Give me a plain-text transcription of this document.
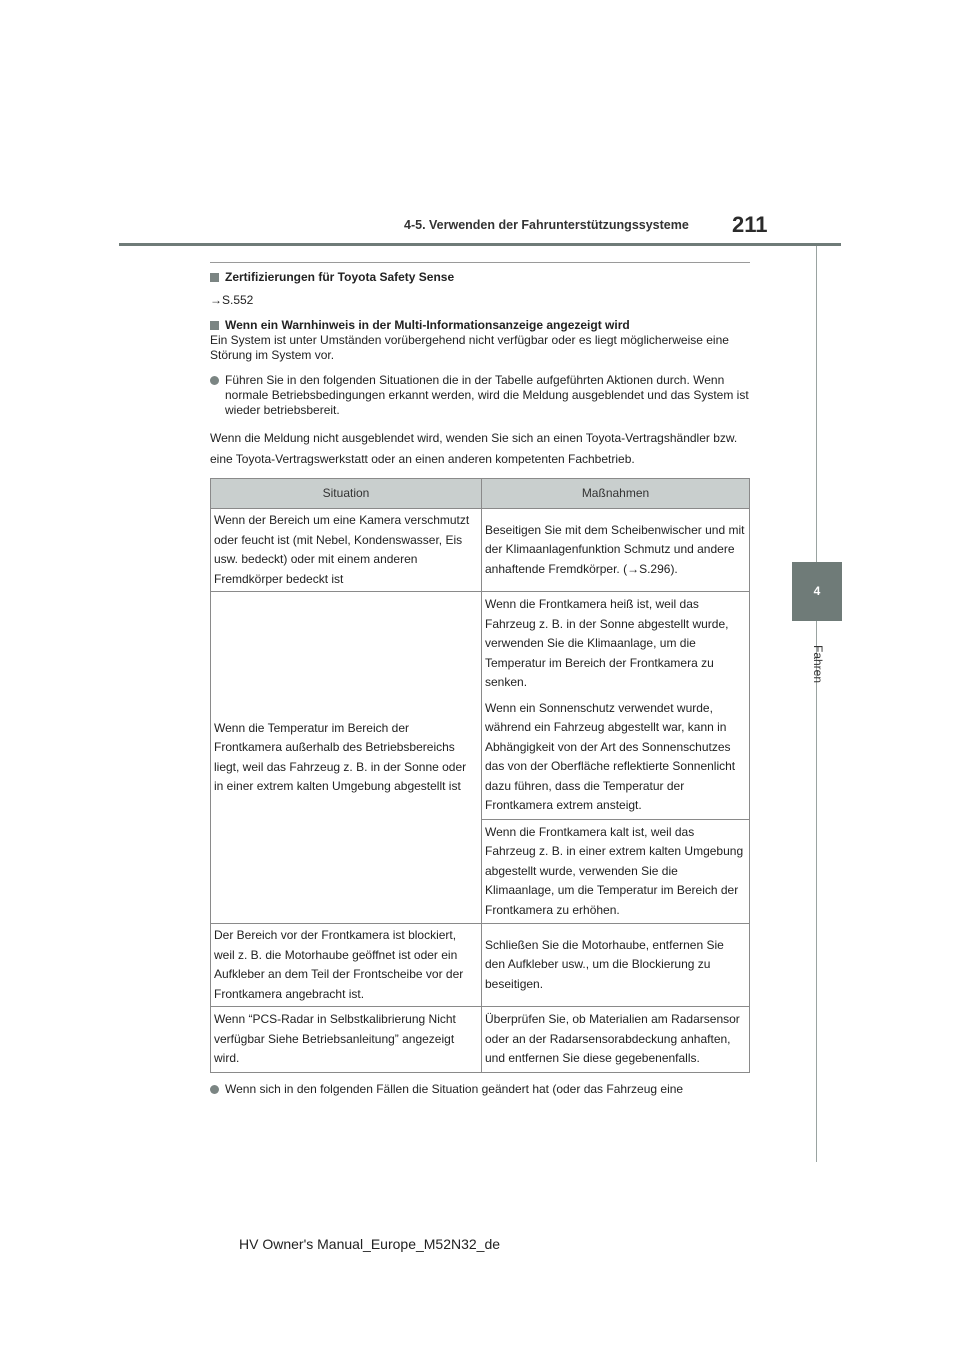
4-5. Verwenden der Fahrunterstützungssysteme	211
4
Fahren
Zertifizierungen für Toyota Safety Sense
→S.552
Wenn ein Warnhinweis in der Multi-Informationsanzeige angezeigt wird

Ein System ist unter Umständen vorübergehend nicht verfügbar oder es liegt möglicherweise eine Störung im System vor.

Führen Sie in den folgenden Situationen die in der Tabelle aufgeführten Aktionen durch. Wenn normale Betriebsbedingungen erkannt werden, wird die Meldung ausgeblendet und das System ist wieder betriebsbereit.

Wenn die Meldung nicht ausgeblendet wird, wenden Sie sich an einen Toyota-Vertragshändler bzw. eine Toyota-Vertragswerkstatt oder an einen anderen kompetenten Fachbetrieb.

Situation	Maßnahmen
Wenn der Bereich um eine Kamera verschmutzt oder feucht ist (mit Nebel, Kondenswasser, Eis usw. bedeckt) oder mit einem anderen Fremdkörper bedeckt ist	Beseitigen Sie mit dem Scheibenwischer und mit der Klimaanlagenfunktion Schmutz und andere anhaftende Fremdkörper. (→S.296).
Wenn die Temperatur im Bereich der Frontkamera außerhalb des Betriebsbereichs liegt, weil das Fahrzeug z. B. in der Sonne oder in einer extrem kalten Umgebung abgestellt ist	Wenn die Frontkamera heiß ist, weil das Fahrzeug z. B. in der Sonne abgestellt wurde, verwenden Sie die Klimaanlage, um die Temperatur im Bereich der Frontkamera zu senken.

Wenn ein Sonnenschutz verwendet wurde, während ein Fahrzeug abgestellt war, kann in Abhängigkeit von der Art des Sonnenschutzes das von der Oberfläche reflektierte Sonnenlicht dazu führen, dass die Temperatur der Frontkamera extrem ansteigt.

	Wenn die Frontkamera kalt ist, weil das Fahrzeug z. B. in einer extrem kalten Umgebung abgestellt wurde, verwenden Sie die Klimaanlage, um die Temperatur im Bereich der Frontkamera zu erhöhen.
Der Bereich vor der Frontkamera ist blockiert, weil z. B. die Motorhaube geöffnet ist oder ein Aufkleber an dem Teil der Frontscheibe vor der Frontkamera angebracht ist.	Schließen Sie die Motorhaube, entfernen Sie den Aufkleber usw., um die Blockierung zu beseitigen.
Wenn “PCS-Radar in Selbstkalibrierung Nicht verfügbar Siehe Betriebsanleitung” angezeigt wird.	Überprüfen Sie, ob Materialien am Radarsensor oder an der Radarsensorabdeckung anhaften, und entfernen Sie diese gegebenenfalls.
Wenn sich in den folgenden Fällen die Situation geändert hat (oder das Fahrzeug eine
HV Owner's Manual_Europe_M52N32_de
